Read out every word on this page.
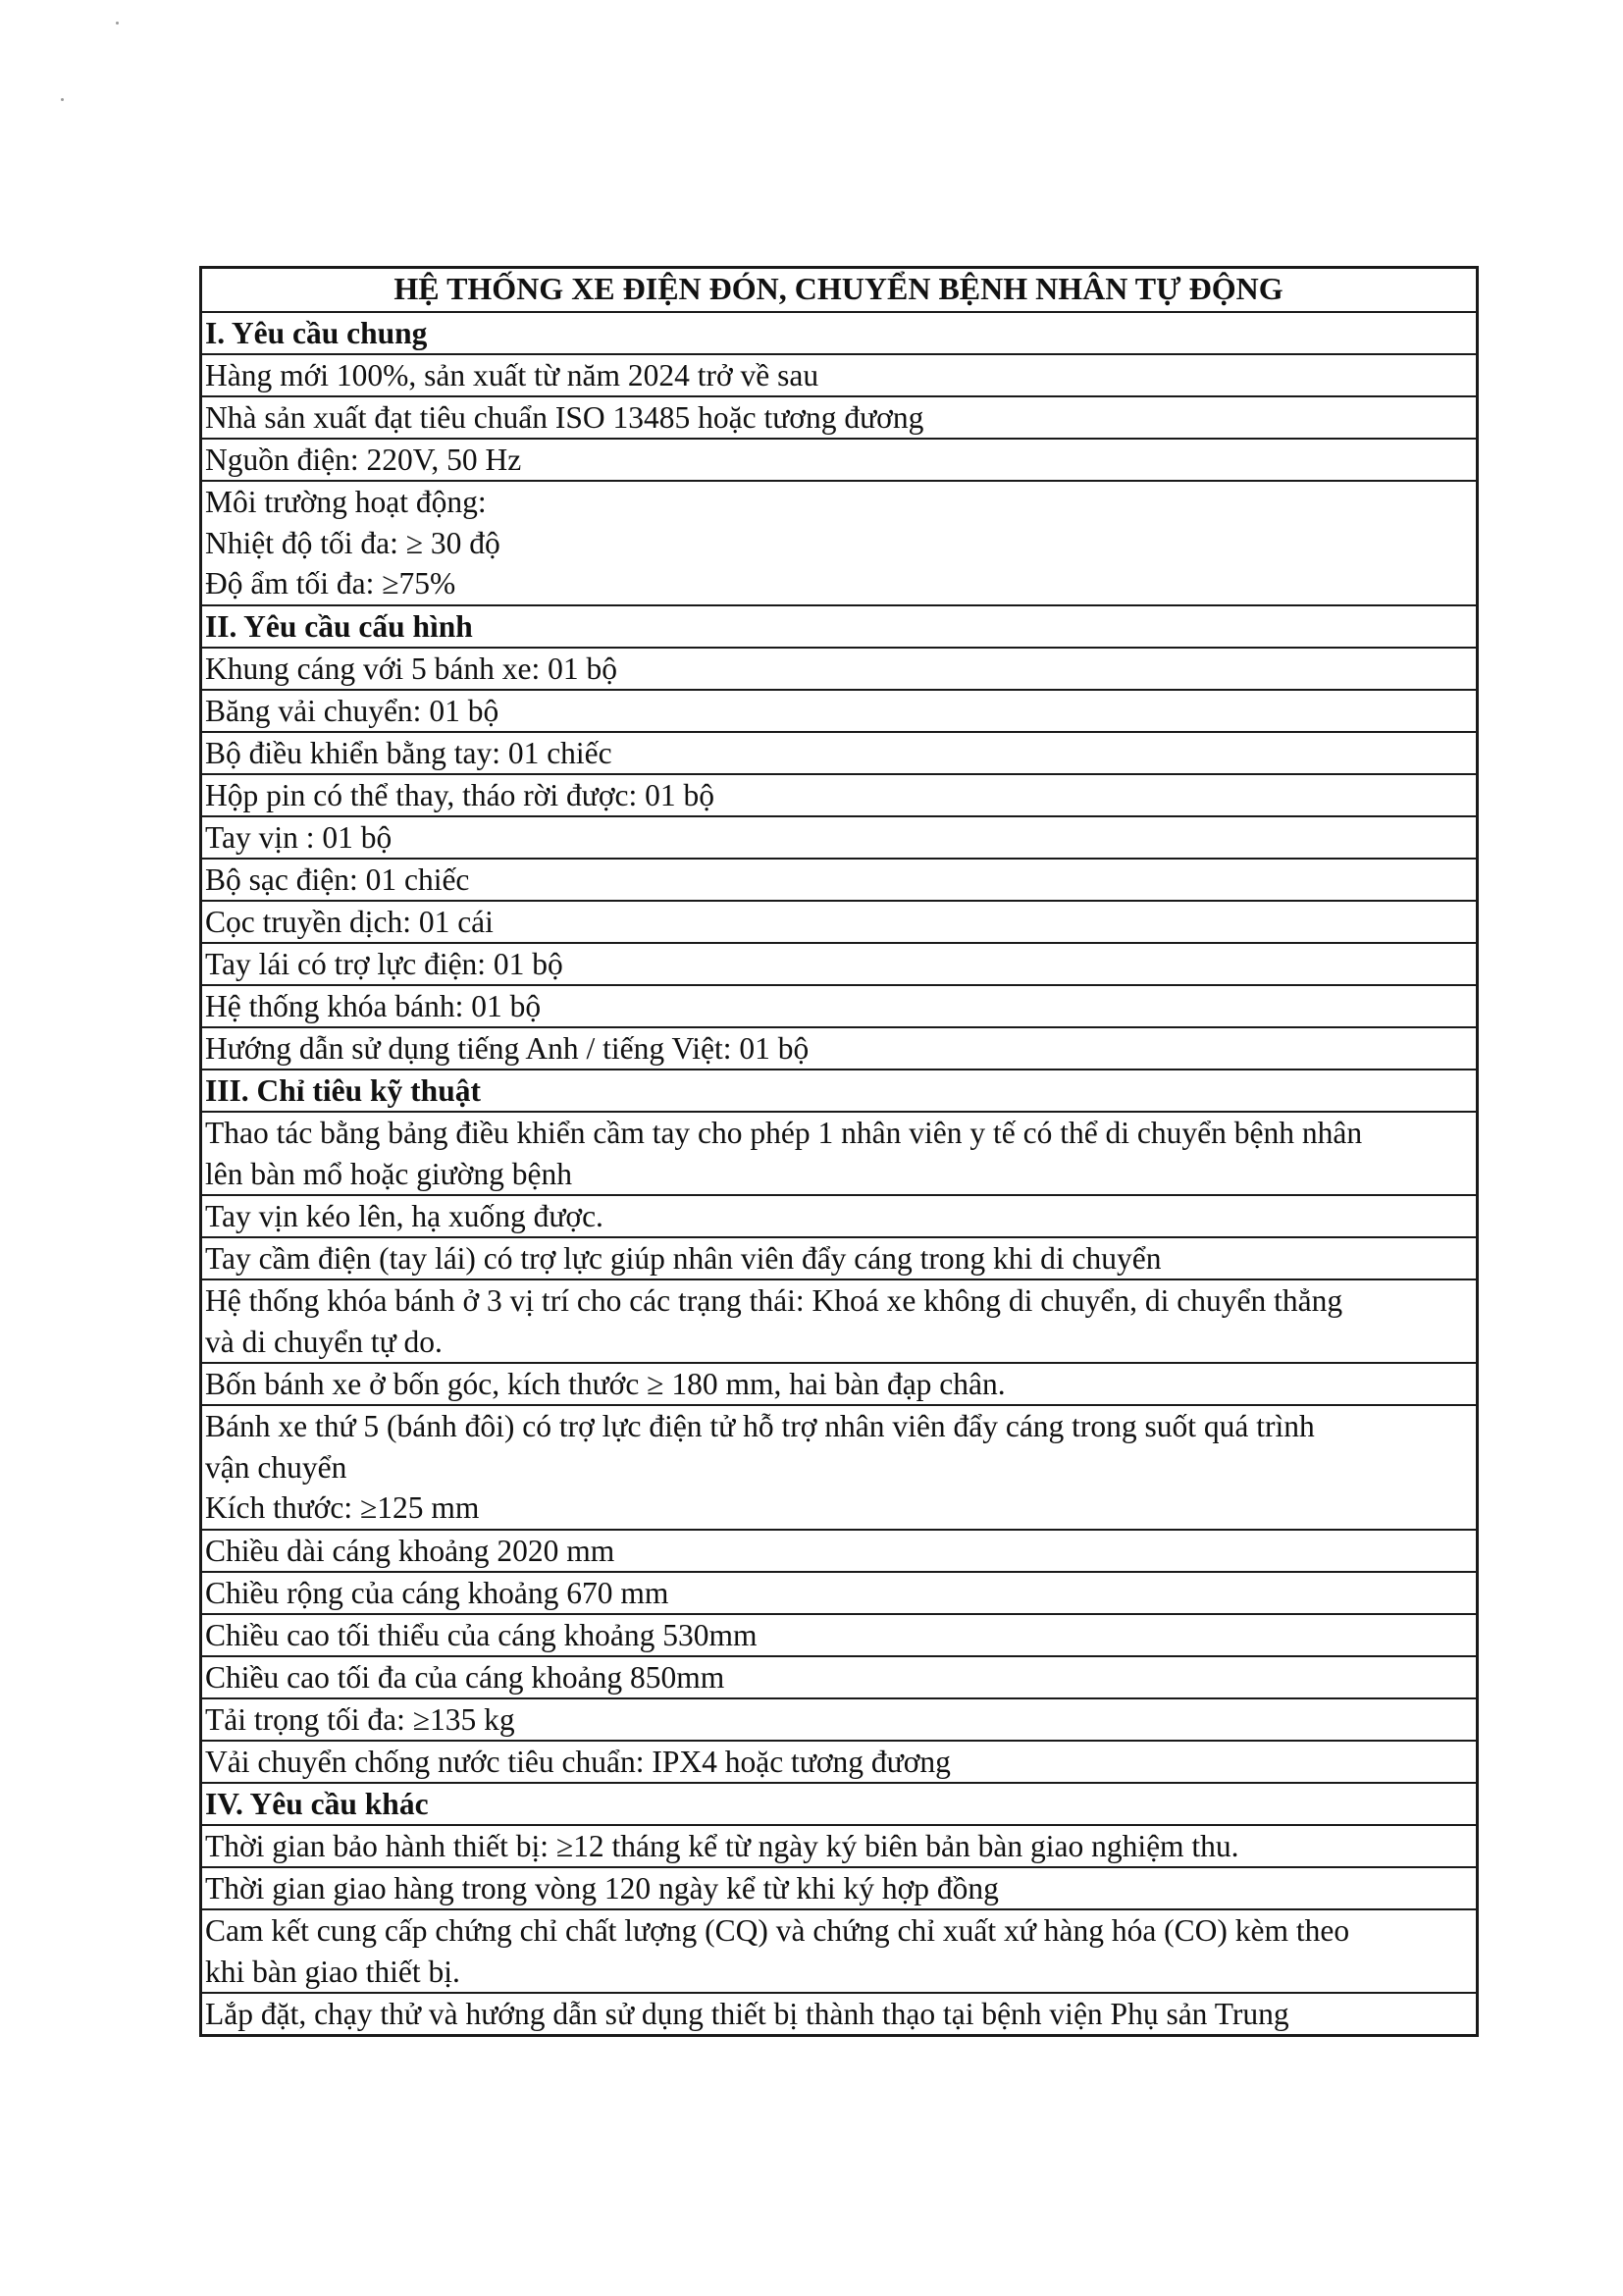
HỆ THỐNG XE ĐIỆN ĐÓN, CHUYỂN BỆNH NHÂN TỰ ĐỘNG
I. Yêu cầu chung
Hàng mới 100%, sản xuất từ năm 2024 trở về sau
Nhà sản xuất đạt tiêu chuẩn ISO 13485 hoặc tương đương
Nguồn điện: 220V, 50 Hz
Môi trường hoạt động:
Nhiệt độ tối đa: ≥ 30 độ
Độ ẩm tối đa: ≥75%
II. Yêu cầu cấu hình
Khung cáng với 5 bánh xe: 01 bộ
Băng vải chuyển: 01 bộ
Bộ điều khiển bằng tay: 01 chiếc
Hộp pin có thể thay, tháo rời được: 01 bộ
Tay vịn : 01 bộ
Bộ sạc điện: 01 chiếc
Cọc truyền dịch: 01 cái
Tay lái có trợ lực điện: 01 bộ
Hệ thống khóa bánh: 01 bộ
Hướng dẫn sử dụng tiếng Anh / tiếng Việt: 01 bộ
III. Chỉ tiêu kỹ thuật
Thao tác bằng bảng điều khiển cầm tay cho phép 1 nhân viên y tế có thể di chuyển bệnh nhân
lên bàn mổ hoặc giường bệnh
Tay vịn kéo lên, hạ xuống được.
Tay cầm điện (tay lái) có trợ lực giúp nhân viên đẩy cáng trong khi di chuyển
Hệ thống khóa bánh ở 3 vị trí cho các trạng thái: Khoá xe không di chuyển, di chuyển thẳng
và di chuyển tự do.
Bốn bánh xe ở bốn góc, kích thước ≥ 180 mm, hai bàn đạp chân.
Bánh xe thứ 5 (bánh đôi) có trợ lực điện tử hỗ trợ nhân viên đẩy cáng trong suốt quá trình
vận chuyển
Kích thước: ≥125 mm
Chiều dài cáng khoảng 2020 mm
Chiều rộng của cáng khoảng 670 mm
Chiều cao tối thiểu của cáng khoảng 530mm
Chiều cao tối đa của cáng khoảng 850mm
Tải trọng tối đa: ≥135 kg
Vải chuyển chống nước tiêu chuẩn: IPX4 hoặc tương đương
IV. Yêu cầu khác
Thời gian bảo hành thiết bị: ≥12 tháng kể từ ngày ký biên bản bàn giao nghiệm thu.
Thời gian giao hàng trong vòng 120 ngày kể từ khi ký hợp đồng
Cam kết cung cấp chứng chỉ chất lượng (CQ) và chứng chỉ xuất xứ hàng hóa (CO) kèm theo
khi bàn giao thiết bị.
Lắp đặt, chạy thử và hướng dẫn sử dụng thiết bị thành thạo tại bệnh viện Phụ sản Trung
